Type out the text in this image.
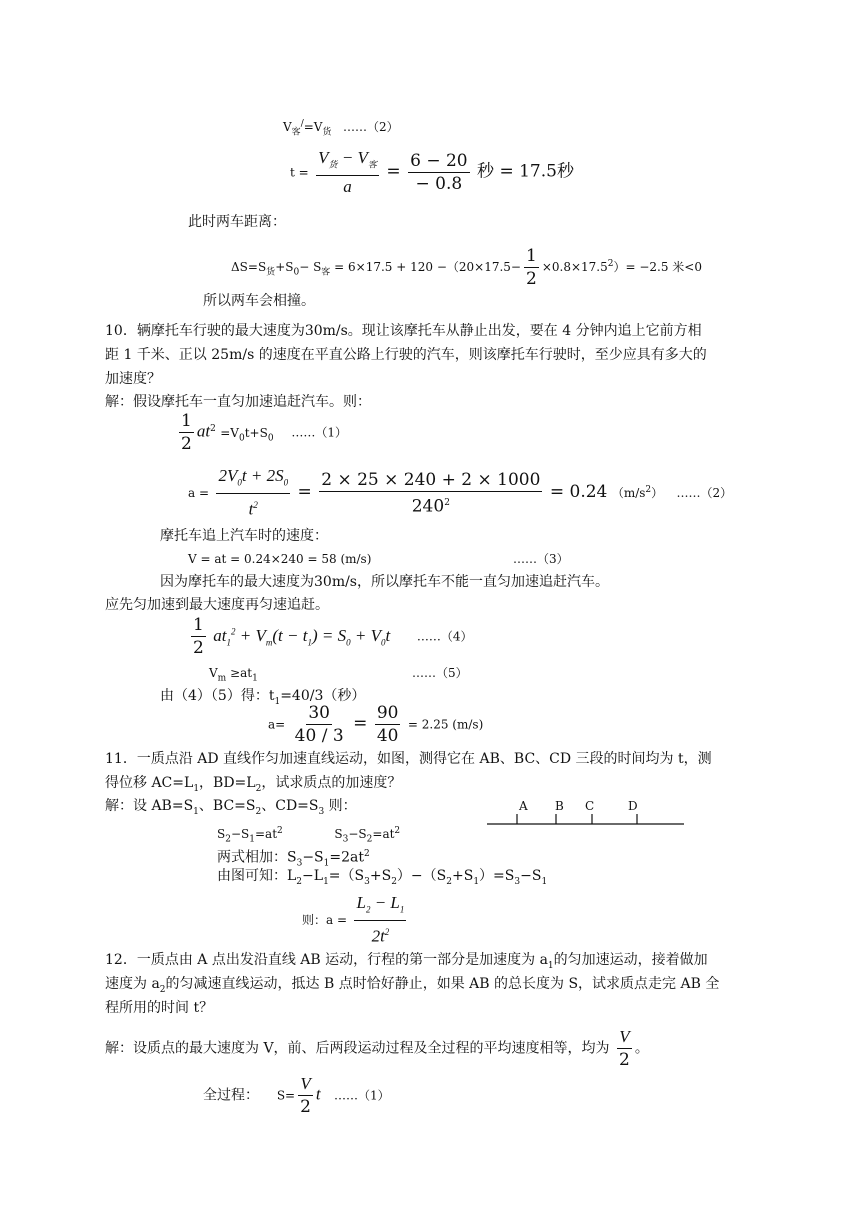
$V_客^/=V_货$ ……（2）
$t = \frac{V_货 - V_客}{a} = \frac{6 - 20}{- 0.8}$ 秒 = 17.5秒
此时两车距离：
$\Delta S=S_货+S_0- S_客 = 6\times 17.5 + 120 -(20\times 17.5- \frac{1}{2} \times 0.8\times 17.5^2)= -2.5$ 米<0
所以两车会相撞。
10．辆摩托车行驶的最大速度为30m/s。现让该摩托车从静止出发，要在 4 分钟内追上它前方相
距 1 千米、正以 25m/s 的速度在平直公路上行驶的汽车，则该摩托车行驶时，至少应具有多大的
加速度？
解：假设摩托车一直匀加速追赶汽车。则：
$\frac{1}{2} at^2 =V_0t+S_0$ ……（1）
$a = \frac{2V_0t + 2S_0}{t^2} = \frac{2 \times 25 \times 240 + 2 \times 1000}{240^2} = 0.24$ $(m/s^2)$ ……（2）
摩托车追上汽车时的速度：
V = at = 0.24×240 = 58 (m/s)	……（3）
因为摩托车的最大速度为30m/s，所以摩托车不能一直匀加速追赶汽车。
应先匀加速到最大速度再匀速追赶。
$\frac{1}{2} at_1^2 + V_m(t - t_1) = S_0 + V_0t$ ……（4）
$V_m \ge at_1$	……（5）
由（4）（5）得：$t_1=40/3$（秒）
$a= \frac{30}{40 / 3} = \frac{90}{40} = 2.25$ (m/s)
11．一质点沿 AD 直线作匀加速直线运动，如图，测得它在 AB、BC、CD 三段的时间均为 t，测
得位移 $AC=L_1$，$BD=L_2$，试求质点的加速度？
解：设 $AB=S_1$、$BC=S_2$、$CD=S_3$ 则：
$S_2-S_1=at^2$	$S_3-S_2=at^2$
两式相加：$S_3-S_1=2at^2$
由图可知：$L_2-L_1=(S_3+S_2)-(S_2+S_1)=S_3-S_1$
则：$a = \frac{L_2 - L_1}{2t^2}$
A B C	D
12．一质点由 A 点出发沿直线 AB 运动，行程的第一部分是加速度为 $a_1$的匀加速运动，接着做加
速度为 $a_2$的匀减速直线运动，抵达 B 点时恰好静止，如果 AB 的总长度为 S，试求质点走完 AB 全
程所用的时间 t？
解：设质点的最大速度为 V，前、后两段运动过程及全过程的平均速度相等，均为 $\frac{V}{2}$ 。
全过程： $S= \frac{V}{2}$ t ……（1）
